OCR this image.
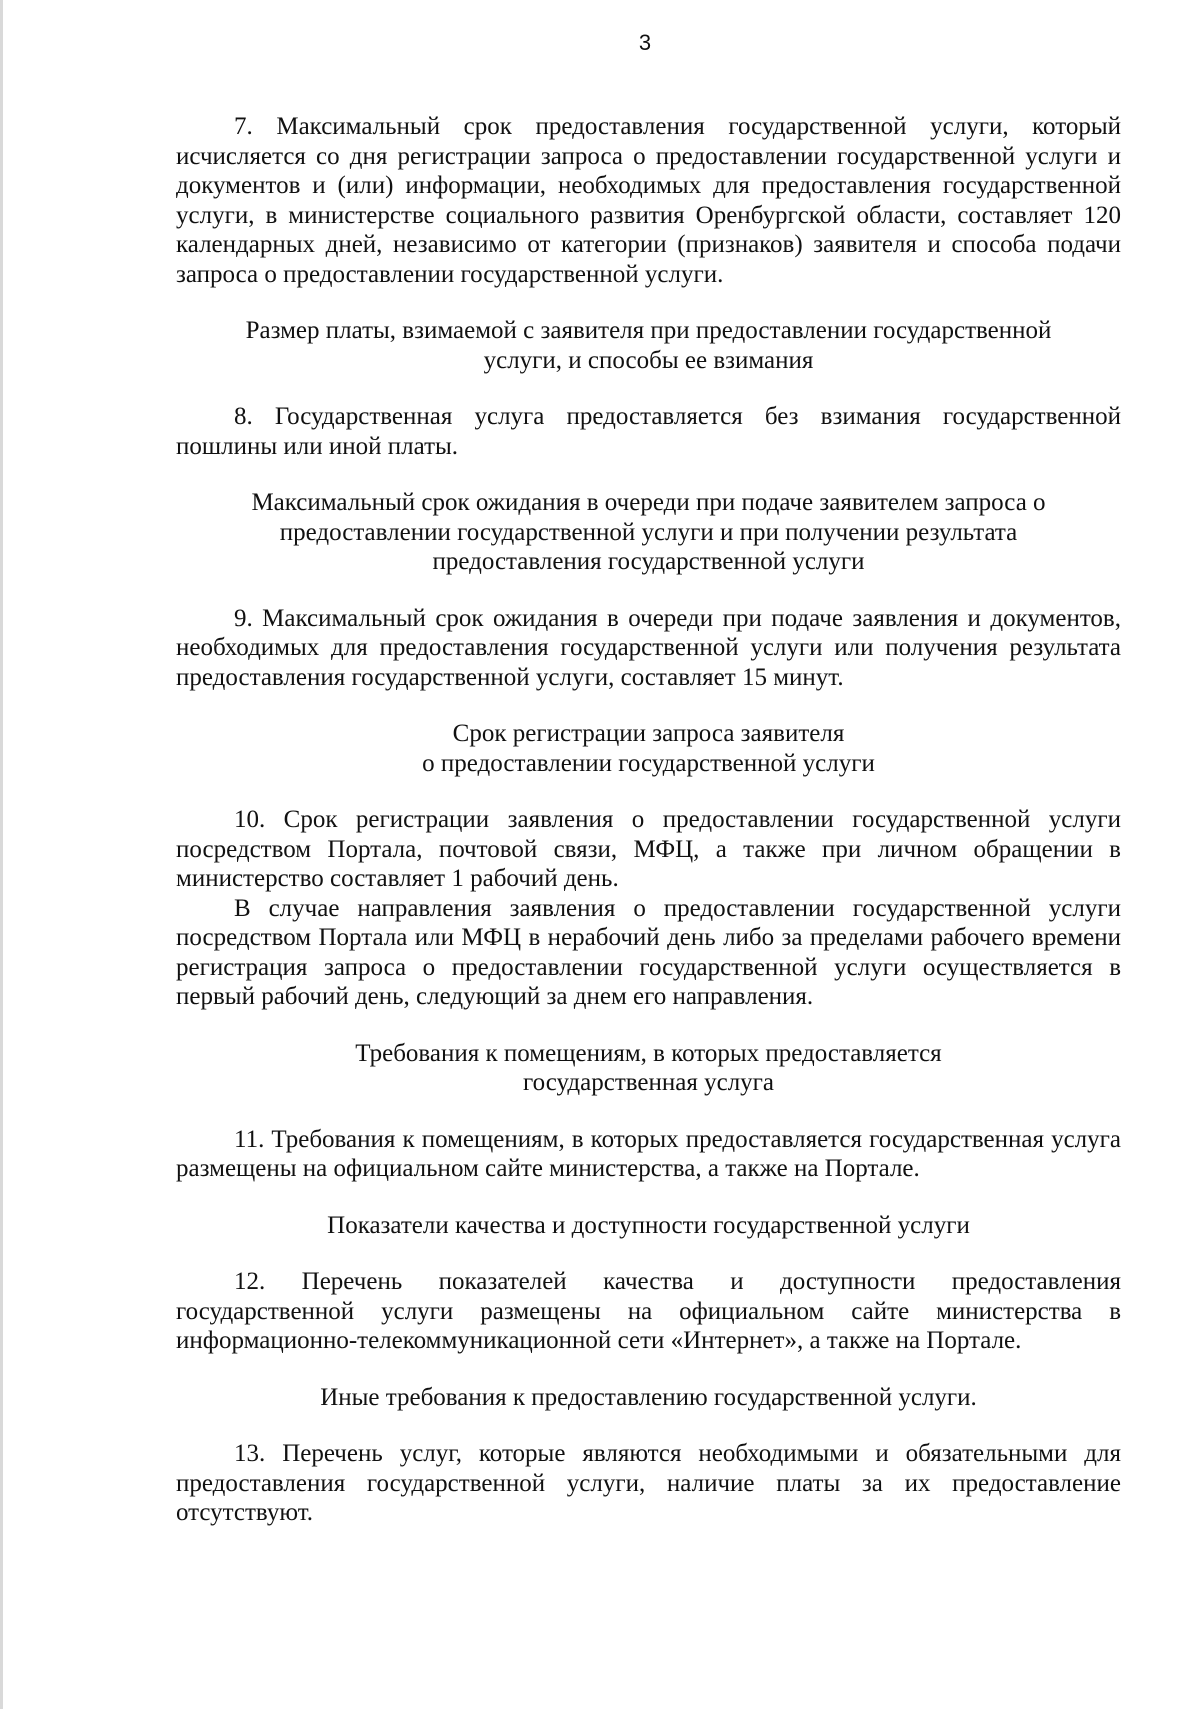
3

7. Максимальный срок предоставления государственной услуги, который исчисляется со дня регистрации запроса о предоставлении государственной услуги и документов и (или) информации, необходимых для предоставления государственной услуги, в министерстве социального развития Оренбургской области, составляет 120 календарных дней, независимо от категории (признаков) заявителя и способа подачи запроса о предоставлении государственной услуги.

Размер платы, взимаемой с заявителя при предоставлении государственной
услуги, и способы ее взимания

8. Государственная услуга предоставляется без взимания государственной пошлины или иной платы.

Максимальный срок ожидания в очереди при подаче заявителем запроса о
предоставлении государственной услуги и при получении результата
предоставления государственной услуги

9. Максимальный срок ожидания в очереди при подаче заявления и документов, необходимых для предоставления государственной услуги или получения результата предоставления государственной услуги, составляет 15 минут.

Срок регистрации запроса заявителя
о предоставлении государственной услуги

10. Срок регистрации заявления о предоставлении государственной услуги посредством Портала, почтовой связи, МФЦ, а также при личном обращении в министерство составляет 1 рабочий день.

В случае направления заявления о предоставлении государственной услуги посредством Портала или МФЦ в нерабочий день либо за пределами рабочего времени регистрация запроса о предоставлении государственной услуги осуществляется в первый рабочий день, следующий за днем его направления.

Требования к помещениям, в которых предоставляется
государственная услуга

11. Требования к помещениям, в которых предоставляется государственная услуга размещены на официальном сайте министерства, а также на Портале.

Показатели качества и доступности государственной услуги

12. Перечень показателей качества и доступности предоставления государственной услуги размещены на официальном сайте министерства в информационно-телекоммуникационной сети «Интернет», а также на Портале.

Иные требования к предоставлению государственной услуги.

13. Перечень услуг, которые являются необходимыми и обязательными для предоставления государственной услуги, наличие платы за их предоставление отсутствуют.
